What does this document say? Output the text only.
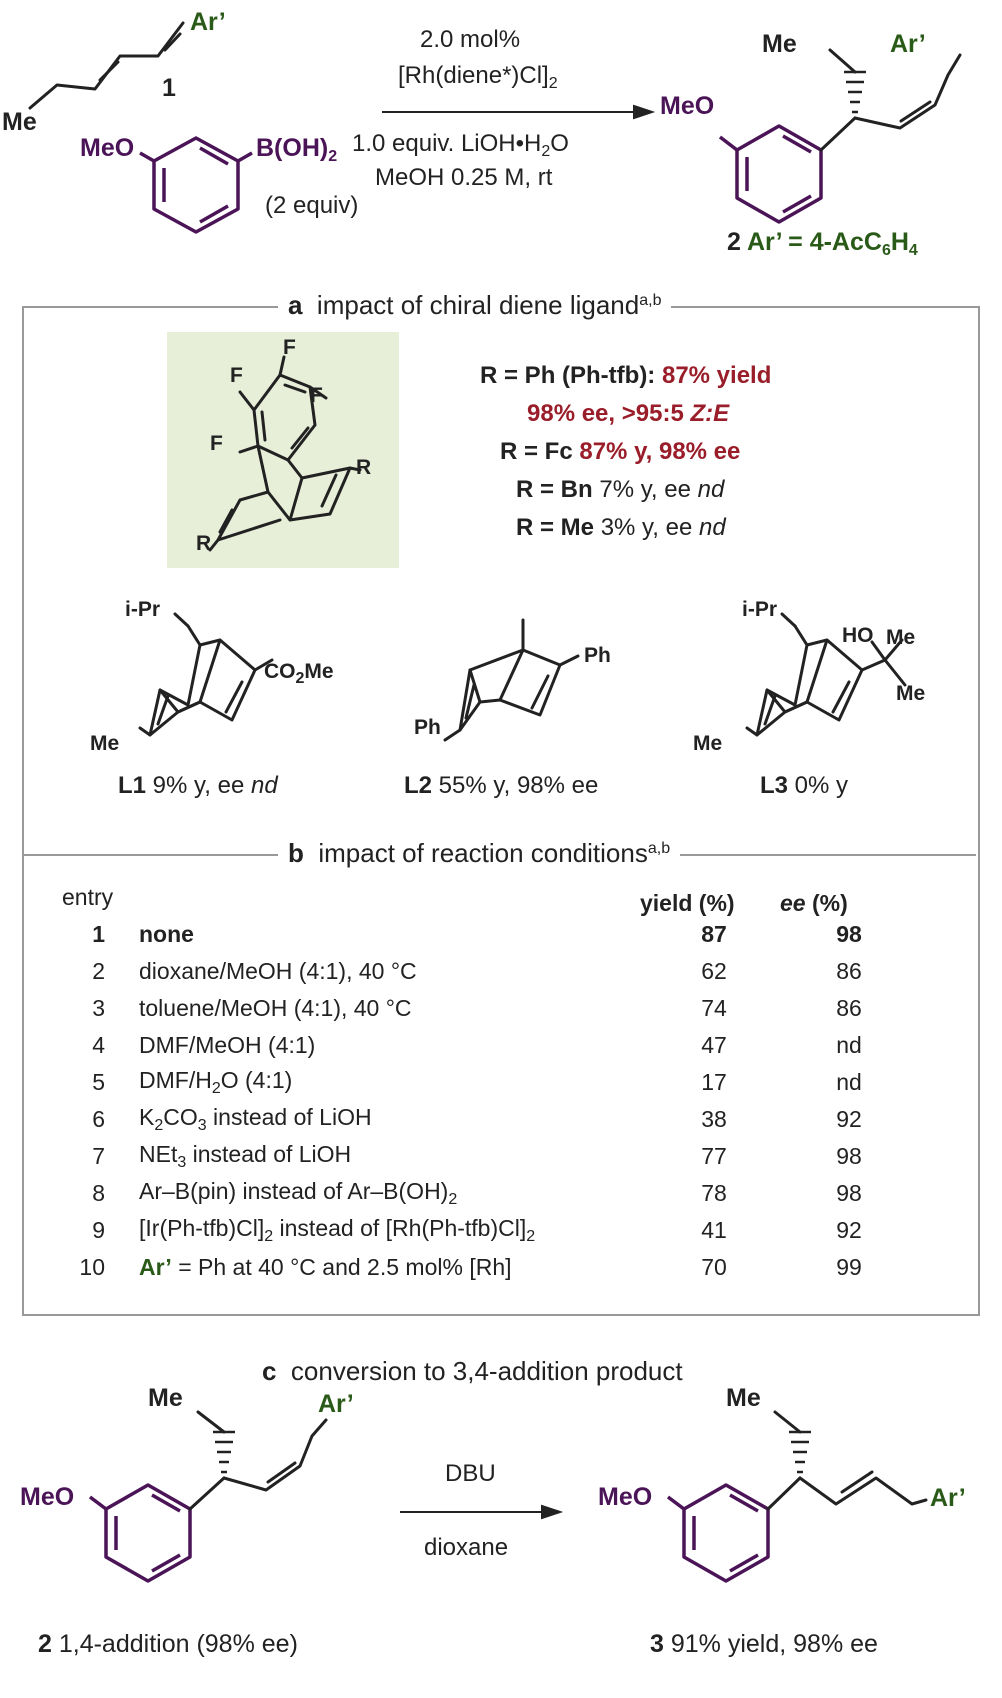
Ar’
Me
1
MeO	$B(OH)_2$
(2 equiv)
2.0 mol%
$[Rh(diene*)Cl]_2$
1.0 equiv. $LiOH•H_2O$
MeOH 0.25 M, rt
Me	Ar’
MeO
2 Ar’ = $4-AcC_6H_4$
a impact of chiral diene ligand$^{a,b}$
F
F
F
F
R
R
R = Ph (Ph-tfb): 87% yield
98% ee, >95:5 Z:E
R = Fc 87% y, 98% ee
R = Bn 7% y, ee nd
R = Me 3% y, ee nd
i-Pr
$CO_2Me$
Me
L1 9% y, ee nd
Ph
Ph
L2 55% y, 98% ee
i-Pr
HO Me
Me
Me
L3 0% y
b impact of reaction conditions$^{a,b}$
entry	yield (%) ee (%)
1	none	87	98
2	dioxane/MeOH (4:1), 40 °C	62	86
3	toluene/MeOH (4:1), 40 °C	74	86
4	DMF/MeOH (4:1)	47	nd
5	DMF/$H_2O$ (4:1)	17	nd
6	$K_2CO_3$ instead of LiOH	38	92
7	NEt$_3$ instead of LiOH	77	98
8	Ar–B(pin) instead of $Ar-B(OH)_2$	78	98
9	$[Ir(Ph-tfb)Cl]_2$ instead of $[Rh(Ph-tfb)Cl]_2$	41	92
10	Ar’ = Ph at 40 °C and 2.5 mol% [Rh]	70	99
c conversion to 3,4-addition product
Me	Ar’
MeO
DBU
dioxane
Me
Ar’
MeO
2 1,4-addition (98% ee)	3 91% yield, 98% ee
